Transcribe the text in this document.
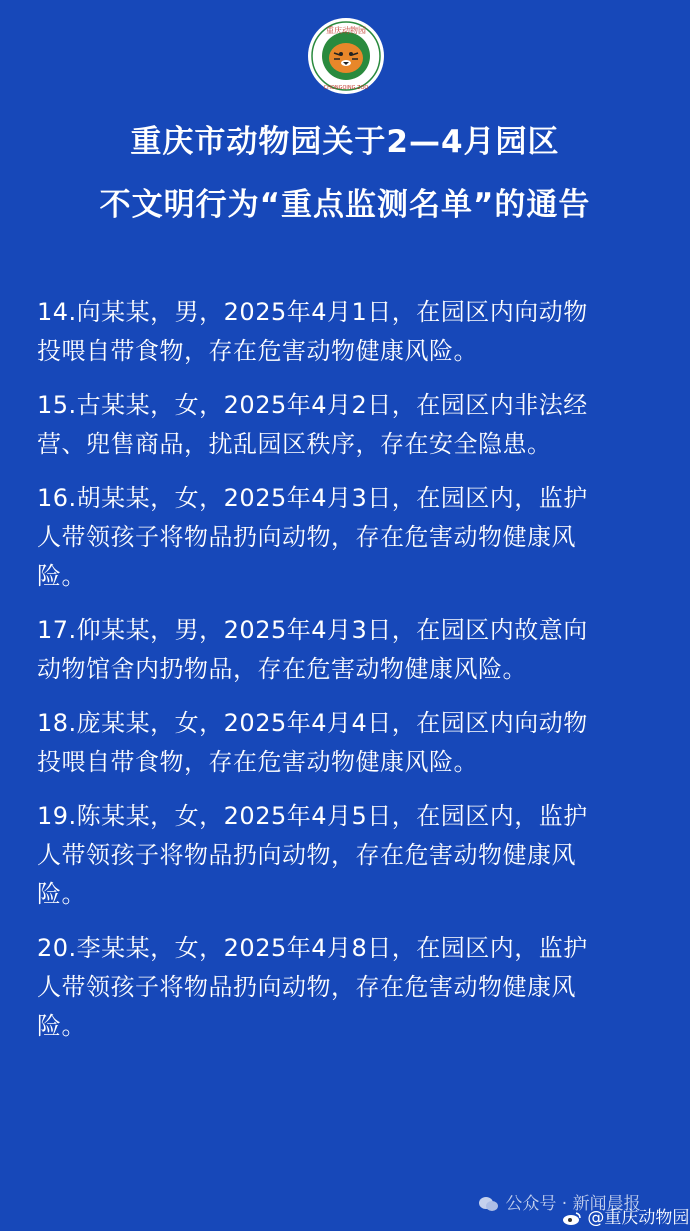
重庆动物园
CHONGQING ZOO
重庆市动物园关于2—4月园区
不文明行为“重点监测名单”的通告
14.向某某，男，2025年4月1日，在园区内向动物
投喂自带食物，存在危害动物健康风险。
15.古某某，女，2025年4月2日，在园区内非法经
营、兜售商品，扰乱园区秩序，存在安全隐患。
16.胡某某，女，2025年4月3日，在园区内，监护
人带领孩子将物品扔向动物，存在危害动物健康风
险。
17.仰某某，男，2025年4月3日，在园区内故意向
动物馆舍内扔物品，存在危害动物健康风险。
18.庞某某，女，2025年4月4日，在园区内向动物
投喂自带食物，存在危害动物健康风险。
19.陈某某，女，2025年4月5日，在园区内，监护
人带领孩子将物品扔向动物，存在危害动物健康风
险。
20.李某某，女，2025年4月8日，在园区内，监护
人带领孩子将物品扔向动物，存在危害动物健康风
险。
公众号 · 新闻晨报
@重庆动物园
